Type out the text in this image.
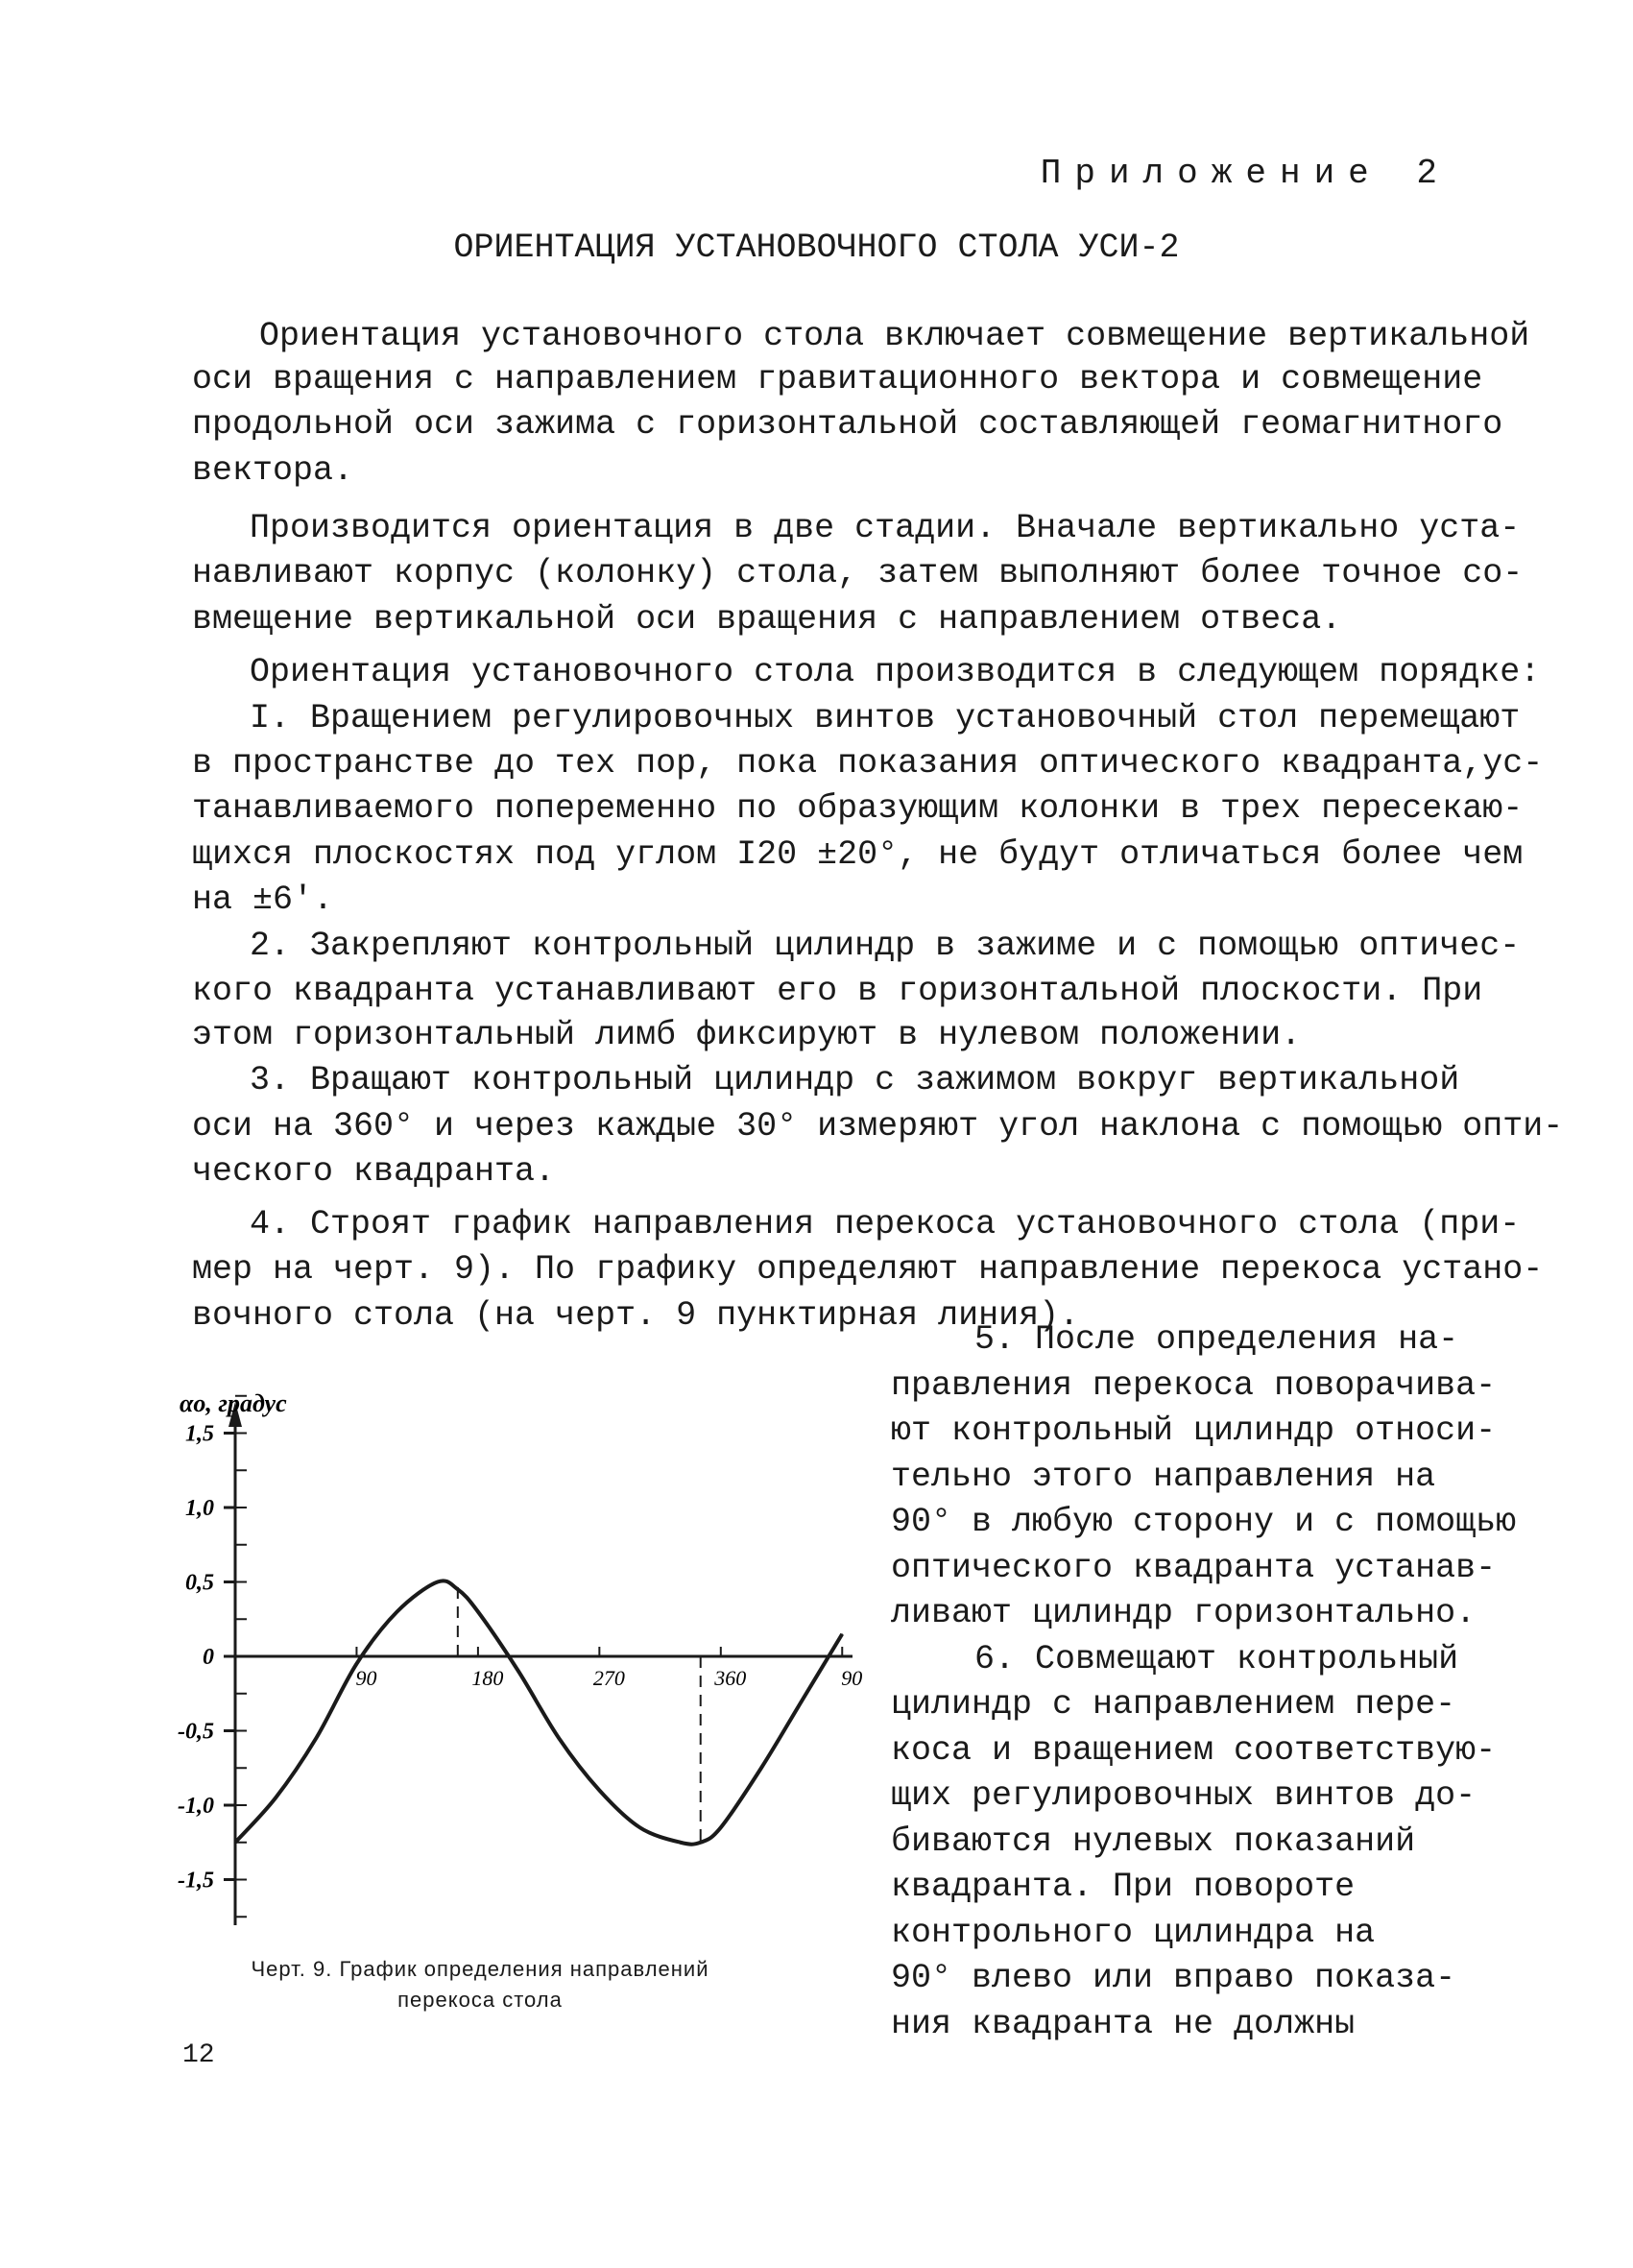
Приложение 2
ОРИЕНТАЦИЯ УСТАНОВОЧНОГО СТОЛА УСИ-2
Ориентация установочного стола включает совмещение вертикальной
оси вращения с направлением гравитационного вектора и совмещение
продольной оси зажима с горизонтальной составляющей геомагнитного
вектора.
Производится ориентация в две стадии. Вначале вертикально уста-
навливают корпус (колонку) стола, затем выполняют более точное со-
вмещение вертикальной оси вращения с направлением отвеса.
Ориентация установочного стола производится в следующем порядке:
I. Вращением регулировочных винтов установочный стол перемещают
в пространстве до тех пор, пока показания оптического квадранта,ус-
танавливаемого попеременно по образующим колонки в трех пересекаю-
щихся плоскостях под углом I20 ±20°, не будут отличаться более чем
на ±6'.
2. Закрепляют контрольный цилиндр в зажиме и с помощью оптичес-
кого квадранта устанавливают его в горизонтальной плоскости. При
этом горизонтальный лимб фиксируют в нулевом положении.
3. Вращают контрольный цилиндр с зажимом вокруг вертикальной
оси на 360° и через каждые 30° измеряют угол наклона с помощью опти-
ческого квадранта.
4. Строят график направления перекоса установочного стола (при-
мер на черт. 9). По графику определяют направление перекоса устано-
вочного стола (на черт. 9 пунктирная линия).
5. После определения на-
правления перекоса поворачива-
ют контрольный цилиндр относи-
тельно этого направления на
90° в любую сторону и с помощью
оптического квадранта устанав-
ливают цилиндр горизонтально.
6. Совмещают контрольный
цилиндр с направлением пере-
коса и вращением соответствую-
щих регулировочных винтов до-
биваются нулевых показаний
квадранта. При повороте
контрольного цилиндра на
90° влево или вправо показа-
ния квадранта не должны
αо, градус
1,5
1,0
0,5
0
-0,5
-1,0
-1,5
90	180	270	360	90
Черт. 9. График определения направлений
перекоса стола
12
